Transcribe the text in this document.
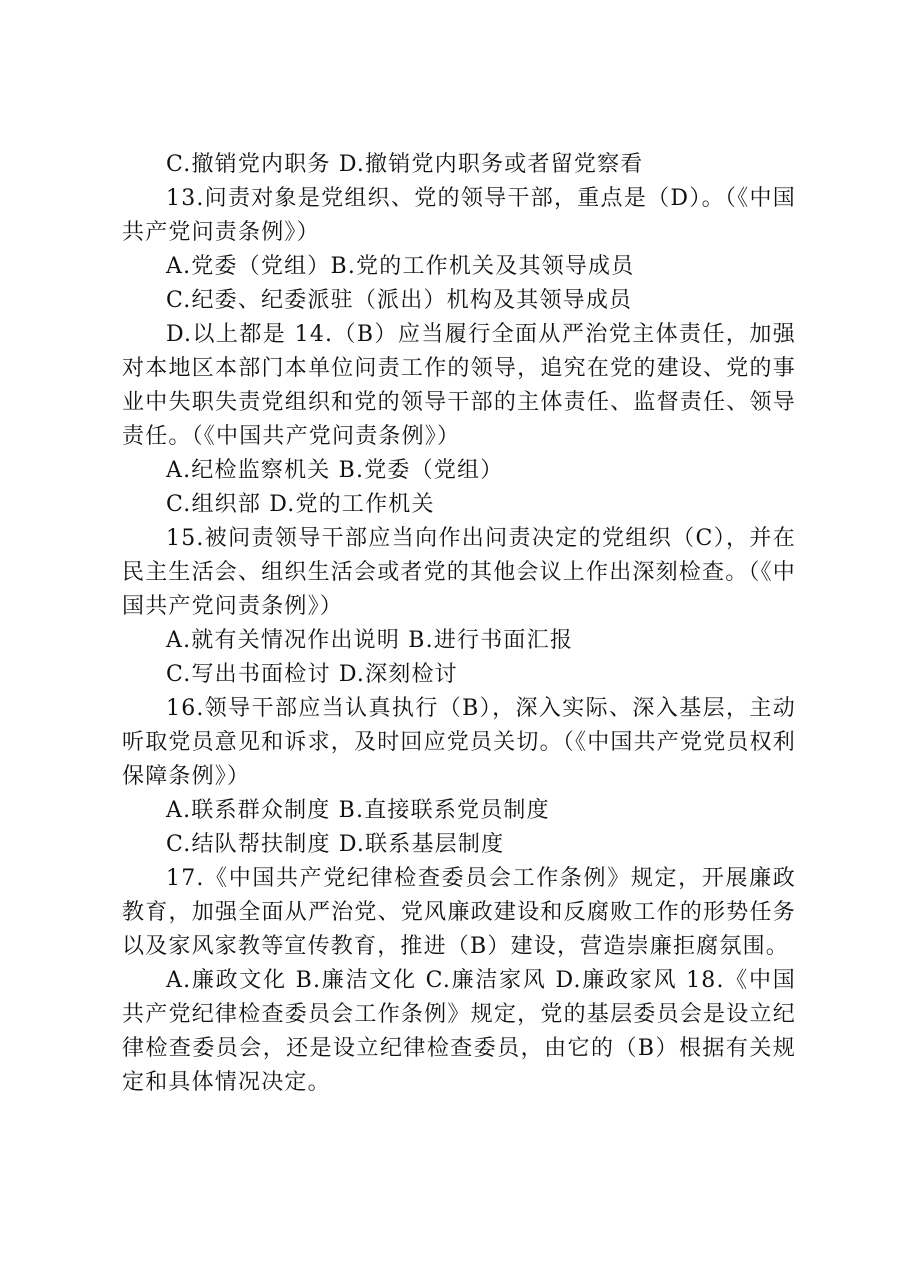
C.撤销党内职务 D.撤销党内职务或者留党察看

13.问责对象是党组织、党的领导干部，重点是（D）。（《中国共产党问责条例》）

A.党委（党组）B.党的工作机关及其领导成员

C.纪委、纪委派驻（派出）机构及其领导成员

D.以上都是 14.（B）应当履行全面从严治党主体责任，加强对本地区本部门本单位问责工作的领导，追究在党的建设、党的事业中失职失责党组织和党的领导干部的主体责任、监督责任、领导责任。（《中国共产党问责条例》）

A.纪检监察机关 B.党委（党组）

C.组织部 D.党的工作机关

15.被问责领导干部应当向作出问责决定的党组织（C），并在民主生活会、组织生活会或者党的其他会议上作出深刻检查。（《中国共产党问责条例》）

A.就有关情况作出说明 B.进行书面汇报

C.写出书面检讨 D.深刻检讨

16.领导干部应当认真执行（B），深入实际、深入基层，主动听取党员意见和诉求，及时回应党员关切。（《中国共产党党员权利保障条例》）

A.联系群众制度 B.直接联系党员制度

C.结队帮扶制度 D.联系基层制度

17.《中国共产党纪律检查委员会工作条例》规定，开展廉政教育，加强全面从严治党、党风廉政建设和反腐败工作的形势任务以及家风家教等宣传教育，推进（B）建设，营造崇廉拒腐氛围。

A.廉政文化 B.廉洁文化 C.廉洁家风 D.廉政家风 18.《中国共产党纪律检查委员会工作条例》规定，党的基层委员会是设立纪律检查委员会，还是设立纪律检查委员，由它的（B）根据有关规定和具体情况决定。
